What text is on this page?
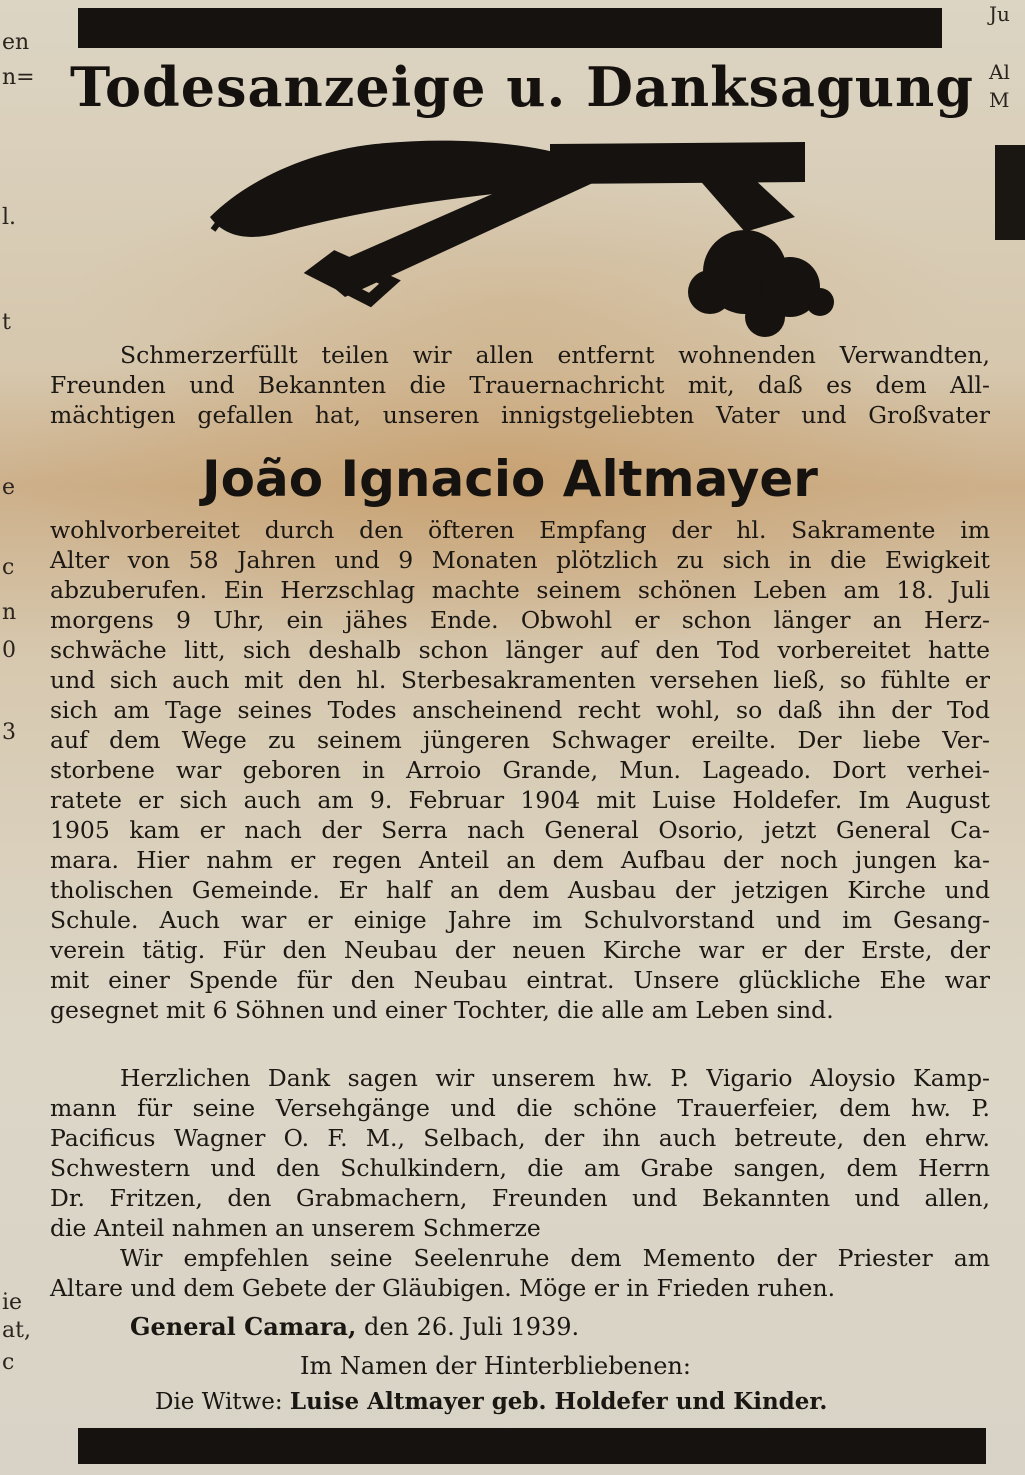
en
n=
l.
t
e
c
n
0
3
ie
at,
c
Ju
Al
M
Todesanzeige u. Danksagung
Schmerzerfüllt teilen wir allen entfernt wohnenden Verwandten,
Freunden und Bekannten die Trauernachricht mit, daß es dem All-
mächtigen gefallen hat, unseren innigstgeliebten Vater und Großvater
João Ignacio Altmayer
wohlvorbereitet durch den öfteren Empfang der hl. Sakramente im
Alter von 58 Jahren und 9 Monaten plötzlich zu sich in die Ewigkeit
abzuberufen. Ein Herzschlag machte seinem schönen Leben am 18. Juli
morgens 9 Uhr, ein jähes Ende. Obwohl er schon länger an Herz-
schwäche litt, sich deshalb schon länger auf den Tod vorbereitet hatte
und sich auch mit den hl. Sterbesakramenten versehen ließ, so fühlte er
sich am Tage seines Todes anscheinend recht wohl, so daß ihn der Tod
auf dem Wege zu seinem jüngeren Schwager ereilte. Der liebe Ver-
storbene war geboren in Arroio Grande, Mun. Lageado. Dort verhei-
ratete er sich auch am 9. Februar 1904 mit Luise Holdefer. Im August
1905 kam er nach der Serra nach General Osorio, jetzt General Ca-
mara. Hier nahm er regen Anteil an dem Aufbau der noch jungen ka-
tholischen Gemeinde. Er half an dem Ausbau der jetzigen Kirche und
Schule. Auch war er einige Jahre im Schulvorstand und im Gesang-
verein tätig. Für den Neubau der neuen Kirche war er der Erste, der
mit einer Spende für den Neubau eintrat. Unsere glückliche Ehe war
gesegnet mit 6 Söhnen und einer Tochter, die alle am Leben sind.
Herzlichen Dank sagen wir unserem hw. P. Vigario Aloysio Kamp-
mann für seine Versehgänge und die schöne Trauerfeier, dem hw. P.
Pacificus Wagner O. F. M., Selbach, der ihn auch betreute, den ehrw.
Schwestern und den Schulkindern, die am Grabe sangen, dem Herrn
Dr. Fritzen, den Grabmachern, Freunden und Bekannten und allen,
die Anteil nahmen an unserem Schmerze
Wir empfehlen seine Seelenruhe dem Memento der Priester am
Altare und dem Gebete der Gläubigen. Möge er in Frieden ruhen.
General Camara, den 26. Juli 1939.
Im Namen der Hinterbliebenen:
Die Witwe: Luise Altmayer geb. Holdefer und Kinder.
